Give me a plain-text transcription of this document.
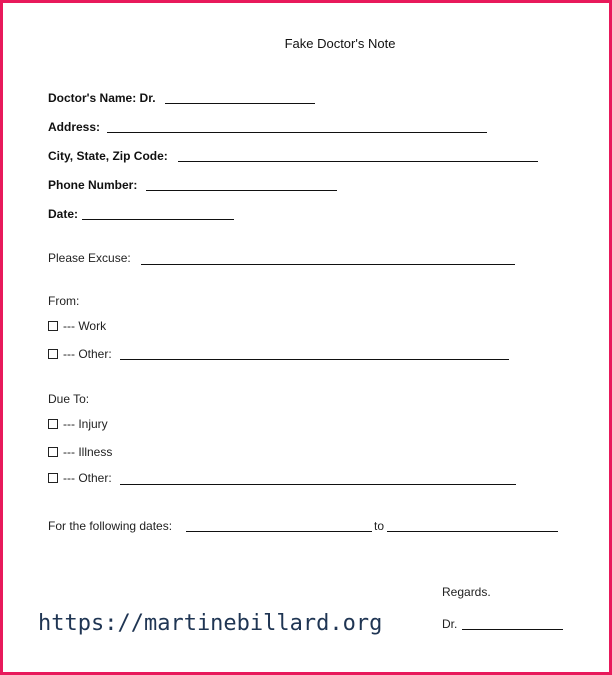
Fake Doctor's Note
Doctor's Name: Dr.
Address:
City, State, Zip Code:
Phone Number:
Date:
Please Excuse:
From:
--- Work
--- Other:
Due To:
--- Injury
--- Illness
--- Other:
For the following dates:	to
Regards.
Dr.
https://martinebillard.org
